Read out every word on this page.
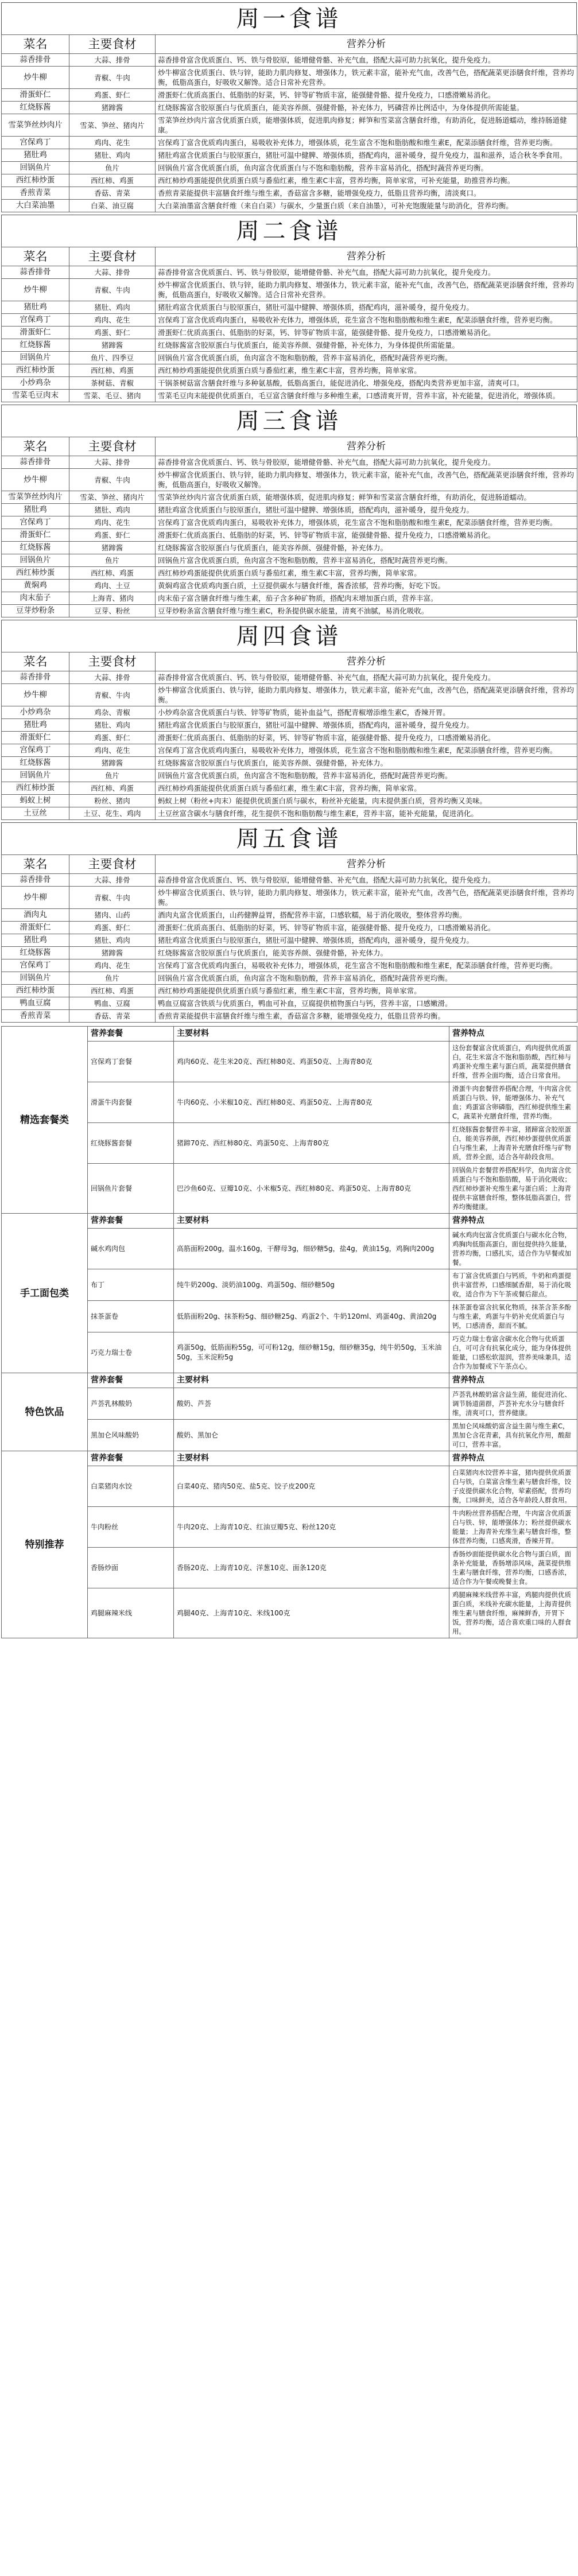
周一食谱
菜名	主要食材	营养分析
蒜香排骨	大蒜、排骨	蒜香排骨富含优质蛋白、钙、铁与骨胶原，能增健骨骼、补充气血，搭配大蒜可助力抗氧化，提升免疫力。
炒牛柳	青椒、牛肉	炒牛柳富含优质蛋白、铁与锌，能助力肌肉修复、增强体力，铁元素丰富，能补充气血，改善气色，搭配蔬菜更添膳食纤维，营养均衡，低脂高蛋白，好吸收又解馋。适合日常补充营养。
滑蛋虾仁	鸡蛋、虾仁	滑蛋虾仁优质高蛋白、低脂肪的好菜，钙、锌等矿物质丰富，能强健骨骼、提升免疫力，口感滑嫩易消化。
红烧豚酱	猪蹄酱	红烧豚酱富含胶原蛋白与优质蛋白，能美容养颜、强健骨骼，补充体力，钙磷营养比例适中，为身体提供所需能量。
雪菜笋丝炒肉片	雪菜、笋丝、猪肉片	雪菜笋丝炒肉片富含优质蛋白质，能增强体质，促进肌肉修复；鲜笋和雪菜富含膳食纤维，有助消化，促进肠道蠕动，维持肠道健康。
宫保鸡丁	鸡肉、花生	宫保鸡丁富含优质鸡肉蛋白，易吸收补充体力，增强体质，花生富含不饱和脂肪酸和维生素E，配菜添膳食纤维，营养更均衡。
猪肚鸡	猪肚、鸡肉	猪肚鸡富含优质蛋白与胶原蛋白，猪肚可温中健脾、增强体质，搭配鸡肉，滋补暖身，提升免疫力，温和滋养，适合秋冬季食用。
回锅鱼片	鱼片	回锅鱼片富含优质蛋白质，鱼肉富含优质蛋白与不饱和脂肪酸，营养丰富易消化，搭配时蔬营养更均衡。
西红柿炒蛋	西红柿、鸡蛋	西红柿炒鸡蛋能提供优质蛋白质与番茄红素，维生素C丰富，营养均衡，简单家常，可补充能量，助推营养均衡。
香煎青菜	香菇、青菜	香煎青菜能提供丰富膳食纤维与维生素，香菇富含多糖，能增强免疫力，低脂且营养均衡，清淡爽口。
大白菜油墨	白菜、油豆腐	大白菜油墨富含膳食纤维（来自白菜）与碳水，少量蛋白质（来自油墨），可补充饱腹能量与助消化，营养均衡。
周二食谱
菜名	主要食材	营养分析
蒜香排骨	大蒜、排骨	蒜香排骨富含优质蛋白、钙、铁与骨胶原，能增健骨骼、补充气血，搭配大蒜可助力抗氧化，提升免疫力。
炒牛柳	青椒、牛肉	炒牛柳富含优质蛋白、铁与锌，能助力肌肉修复、增强体力，铁元素丰富，能补充气血，改善气色，搭配蔬菜更添膳食纤维，营养均衡，低脂高蛋白，好吸收又解馋。适合日常补充营养。
猪肚鸡	猪肚、鸡肉	猪肚鸡富含优质蛋白与胶原蛋白，猪肚可温中健脾、增强体质，搭配鸡肉，滋补暖身，提升免疫力。
宫保鸡丁	鸡肉、花生	宫保鸡丁富含优质鸡肉蛋白，易吸收补充体力，增强体质，花生富含不饱和脂肪酸和维生素E，配菜添膳食纤维，营养更均衡。
滑蛋虾仁	鸡蛋、虾仁	滑蛋虾仁优质高蛋白、低脂肪的好菜，钙、锌等矿物质丰富，能强健骨骼、提升免疫力，口感滑嫩易消化。
红烧豚酱	猪蹄酱	红烧豚酱富含胶原蛋白与优质蛋白，能美容养颜、强健骨骼，补充体力，为身体提供所需能量。
回锅鱼片	鱼片、四季豆	回锅鱼片富含优质蛋白质，鱼肉富含不饱和脂肪酸，营养丰富易消化，搭配时蔬营养更均衡。
西红柿炒蛋	西红柿、鸡蛋	西红柿炒鸡蛋能提供优质蛋白质与番茄红素，维生素C丰富，营养均衡，简单家常。
小炒鸡杂	茶树菇、青椒	干锅茶树菇富含膳食纤维与多种氨基酸，低脂高蛋白，能促进消化、增强免疫，搭配肉类营养更加丰富，清爽可口。
雪菜毛豆肉末	雪菜、毛豆、猪肉	雪菜毛豆肉末能提供优质蛋白，毛豆富含膳食纤维与多种维生素，口感清爽开胃，营养丰富，补充能量，促进消化，增强体质。
周三食谱
菜名	主要食材	营养分析
蒜香排骨	大蒜、排骨	蒜香排骨富含优质蛋白、钙、铁与骨胶原，能增健骨骼、补充气血，搭配大蒜可助力抗氧化，提升免疫力。
炒牛柳	青椒、牛肉	炒牛柳富含优质蛋白、铁与锌，能助力肌肉修复、增强体力，铁元素丰富，能补充气血，改善气色，搭配蔬菜更添膳食纤维，营养均衡，低脂高蛋白，好吸收又解馋。
雪菜笋丝炒肉片	雪菜、笋丝、猪肉片	雪菜笋丝炒肉片富含优质蛋白质，能增强体质，促进肌肉修复；鲜笋和雪菜富含膳食纤维，有助消化，促进肠道蠕动。
猪肚鸡	猪肚、鸡肉	猪肚鸡富含优质蛋白与胶原蛋白，猪肚可温中健脾、增强体质，搭配鸡肉，滋补暖身，提升免疫力。
宫保鸡丁	鸡肉、花生	宫保鸡丁富含优质鸡肉蛋白，易吸收补充体力，增强体质，花生富含不饱和脂肪酸和维生素E，配菜添膳食纤维，营养更均衡。
滑蛋虾仁	鸡蛋、虾仁	滑蛋虾仁优质高蛋白、低脂肪的好菜，钙、锌等矿物质丰富，能强健骨骼、提升免疫力，口感滑嫩易消化。
红烧豚酱	猪蹄酱	红烧豚酱富含胶原蛋白与优质蛋白，能美容养颜、强健骨骼，补充体力。
回锅鱼片	鱼片	回锅鱼片富含优质蛋白质，鱼肉富含不饱和脂肪酸，营养丰富易消化，搭配时蔬营养更均衡。
西红柿炒蛋	西红柿、鸡蛋	西红柿炒鸡蛋能提供优质蛋白质与番茄红素，维生素C丰富，营养均衡，简单家常。
黄焖鸡	鸡肉、土豆	黄焖鸡富含优质鸡肉蛋白质，土豆提供碳水与膳食纤维，酱香浓郁，营养均衡，好吃下饭。
肉末茄子	上海青、猪肉	肉末茄子富含膳食纤维与维生素，茄子含多种矿物质，搭配肉末增加蛋白质，营养丰富。
豆芽炒粉条	豆芽、粉丝	豆芽炒粉条富含膳食纤维与维生素C，粉条提供碳水能量，清爽不油腻，易消化吸收。
周四食谱
菜名	主要食材	营养分析
蒜香排骨	大蒜、排骨	蒜香排骨富含优质蛋白、钙、铁与骨胶原，能增健骨骼、补充气血，搭配大蒜可助力抗氧化，提升免疫力。
炒牛柳	青椒、牛肉	炒牛柳富含优质蛋白、铁与锌，能助力肌肉修复、增强体力，铁元素丰富，能补充气血，改善气色，搭配蔬菜更添膳食纤维，营养均衡。
小炒鸡杂	鸡杂、青椒	小炒鸡杂富含优质蛋白与铁、锌等矿物质，能补血益气，搭配青椒增添维生素C，香辣开胃。
猪肚鸡	猪肚、鸡肉	猪肚鸡富含优质蛋白与胶原蛋白，猪肚可温中健脾、增强体质，搭配鸡肉，滋补暖身，提升免疫力。
滑蛋虾仁	鸡蛋、虾仁	滑蛋虾仁优质高蛋白、低脂肪的好菜，钙、锌等矿物质丰富，能强健骨骼、提升免疫力，口感滑嫩易消化。
宫保鸡丁	鸡肉、花生	宫保鸡丁富含优质鸡肉蛋白，易吸收补充体力，增强体质，花生富含不饱和脂肪酸和维生素E，配菜添膳食纤维，营养更均衡。
红烧豚酱	猪蹄酱	红烧豚酱富含胶原蛋白与优质蛋白，能美容养颜、强健骨骼，补充体力。
回锅鱼片	鱼片	回锅鱼片富含优质蛋白质，鱼肉富含不饱和脂肪酸，营养丰富易消化，搭配时蔬营养更均衡。
西红柿炒蛋	西红柿、鸡蛋	西红柿炒鸡蛋能提供优质蛋白质与番茄红素，维生素C丰富，营养均衡，简单家常。
蚂蚁上树	粉丝、猪肉	蚂蚁上树（粉丝+肉末）能提供优质蛋白质与碳水，粉丝补充能量，肉末提供蛋白质，营养均衡又美味。
土豆丝	土豆、花生、鸡肉	土豆丝富含碳水与膳食纤维，花生提供不饱和脂肪酸与维生素E，营养丰富，能补充能量，促进消化。
周五食谱
菜名	主要食材	营养分析
蒜香排骨	大蒜、排骨	蒜香排骨富含优质蛋白、钙、铁与骨胶原，能增健骨骼、补充气血，搭配大蒜可助力抗氧化，提升免疫力。
炒牛柳	青椒、牛肉	炒牛柳富含优质蛋白、铁与锌，能助力肌肉修复、增强体力，铁元素丰富，能补充气血，改善气色，搭配蔬菜更添膳食纤维，营养均衡。
酒肉丸	猪肉、山药	酒肉丸富含优质蛋白，山药健脾益胃，搭配营养丰富，口感软糯，易于消化吸收，整体营养均衡。
滑蛋虾仁	鸡蛋、虾仁	滑蛋虾仁优质高蛋白、低脂肪的好菜，钙、锌等矿物质丰富，能强健骨骼、提升免疫力，口感滑嫩易消化。
猪肚鸡	猪肚、鸡肉	猪肚鸡富含优质蛋白与胶原蛋白，猪肚可温中健脾、增强体质，搭配鸡肉，滋补暖身，提升免疫力。
红烧豚酱	猪蹄酱	红烧豚酱富含胶原蛋白与优质蛋白，能美容养颜、强健骨骼，补充体力。
宫保鸡丁	鸡肉、花生	宫保鸡丁富含优质鸡肉蛋白，易吸收补充体力，增强体质，花生富含不饱和脂肪酸和维生素E，配菜添膳食纤维，营养更均衡。
回锅鱼片	鱼片	回锅鱼片富含优质蛋白质，鱼肉富含不饱和脂肪酸，营养丰富易消化，搭配时蔬营养更均衡。
西红柿炒蛋	西红柿、鸡蛋	西红柿炒鸡蛋能提供优质蛋白质与番茄红素，维生素C丰富，营养均衡，简单家常。
鸭血豆腐	鸭血、豆腐	鸭血豆腐富含铁质与优质蛋白，鸭血可补血，豆腐提供植物蛋白与钙，营养丰富，口感嫩滑。
香煎青菜	香菇、青菜	香煎青菜能提供丰富膳食纤维与维生素，香菇富含多糖，能增强免疫力，低脂且营养均衡。
精选套餐类	营养套餐	主要材料	营养特点
	宫保鸡丁套餐	鸡肉60克、花生米20克、西红柿80克、鸡蛋50克、上海青80克	这份套餐富含优质蛋白，鸡肉提供优质蛋白，花生米富含不饱和脂肪酸，西红柿与鸡蛋补充维生素与蛋白质，蔬菜提供膳食纤维，营养全面均衡，适合日常食用。
	滑蛋牛肉套餐	牛肉60克、小米椒10克、西红柿80克、鸡蛋50克、上海青80克	滑蛋牛肉套餐营养搭配合理，牛肉富含优质蛋白与铁、锌，能增强体力、补充气血；鸡蛋富含卵磷脂，西红柿提供维生素C，蔬菜补充膳食纤维，营养均衡。
	红烧豚酱套餐	猪蹄70克、西红柿80克、鸡蛋50克、上海青80克	红烧豚酱套餐营养丰富，猪蹄富含胶原蛋白，能美容养颜，西红柿炒蛋提供优质蛋白与维生素，上海青补充膳食纤维与矿物质，营养全面，适合各年龄段食用。
	回锅鱼片套餐	巴沙鱼60克、豆瓣10克、小米椒5克、西红柿80克、鸡蛋50克、上海青80克	回锅鱼片套餐营养搭配科学，鱼肉富含优质蛋白与不饱和脂肪酸，易于消化吸收；西红柿炒蛋补充维生素与蛋白质；上海青提供丰富膳食纤维，整体低脂高蛋白，营养均衡健康。
手工面包类	营养套餐	主要材料	营养特点
	碱水鸡肉包	高筋面粉200g，温水160g，干酵母3g，细砂糖5g，盐4g，黄油15g，鸡胸肉200g	碱水鸡肉包富含优质蛋白与碳水化合物，鸡胸肉低脂高蛋白，面包提供持久能量，营养均衡，口感扎实，适合作为早餐或加餐。
	布丁	纯牛奶200g、淡奶油100g、鸡蛋50g、细砂糖50g	布丁富含优质蛋白与钙质，牛奶和鸡蛋提供丰富营养，口感细腻香甜，易于消化吸收，适合作为下午茶或餐后甜点。
	抹茶蛋卷	低筋面粉20g、抹茶粉5g、细砂糖25g、鸡蛋2个、牛奶120ml、鸡蛋40g、黄油20g	抹茶蛋卷富含抗氧化物质，抹茶含茶多酚与维生素，鸡蛋与牛奶补充优质蛋白与钙，口感清香，甜而不腻。
	巧克力瑞士卷	鸡蛋50g，低筋面粉55g，可可粉12g，细砂糖15g，细砂糖35g，纯牛奶50g，玉米油50g，玉米淀粉5g	巧克力瑞士卷富含碳水化合物与优质蛋白，可可含有抗氧化成分，能为身体提供能量，口感松软湿润，营养美味兼具，适合作为加餐或下午茶点心。
特色饮品	营养套餐	主要材料	营养特点
	芦荟乳林酸奶	酸奶、芦荟	芦荟乳林酸奶富含益生菌，能促进消化、调节肠道菌群，芦荟补充水分与膳食纤维，清爽可口，营养健康。
	黑加仑风味酸奶	酸奶、黑加仑	黑加仑风味酸奶富含益生菌与维生素C，黑加仑含花青素，具有抗氧化作用，酸甜可口，营养丰富。
特别推荐	营养套餐	主要材料	营养特点
	白菜猪肉水饺	白菜40克、猪肉50克、盐5克、饺子皮200克	白菜猪肉水饺营养丰富，猪肉提供优质蛋白与铁，白菜富含维生素与膳食纤维，饺子皮提供碳水化合物，荤素搭配，营养均衡，口味鲜美，适合各年龄段人群食用。
	牛肉粉丝	牛肉20克、上海青10克、红油豆瓣5克、粉丝120克	牛肉粉丝营养搭配合理，牛肉富含优质蛋白与铁、锌，能增强体力；粉丝提供碳水能量；上海青补充维生素与膳食纤维，整体营养均衡，口感爽滑，香辣开胃。
	香肠炒面	香肠20克、上海青10克、洋葱10克、面条120克	香肠炒面能提供碳水化合物与蛋白质，面条补充能量，香肠增添风味，蔬菜提供维生素与膳食纤维，营养均衡，口感香浓，适合作为午餐或晚餐主食。
	鸡腿麻辣米线	鸡腿40克、上海青10克、米线100克	鸡腿麻辣米线营养丰富，鸡腿肉提供优质蛋白质，米线补充碳水能量，上海青提供维生素与膳食纤维，麻辣鲜香，开胃下饭，营养均衡，适合喜欢重口味的人群食用。
